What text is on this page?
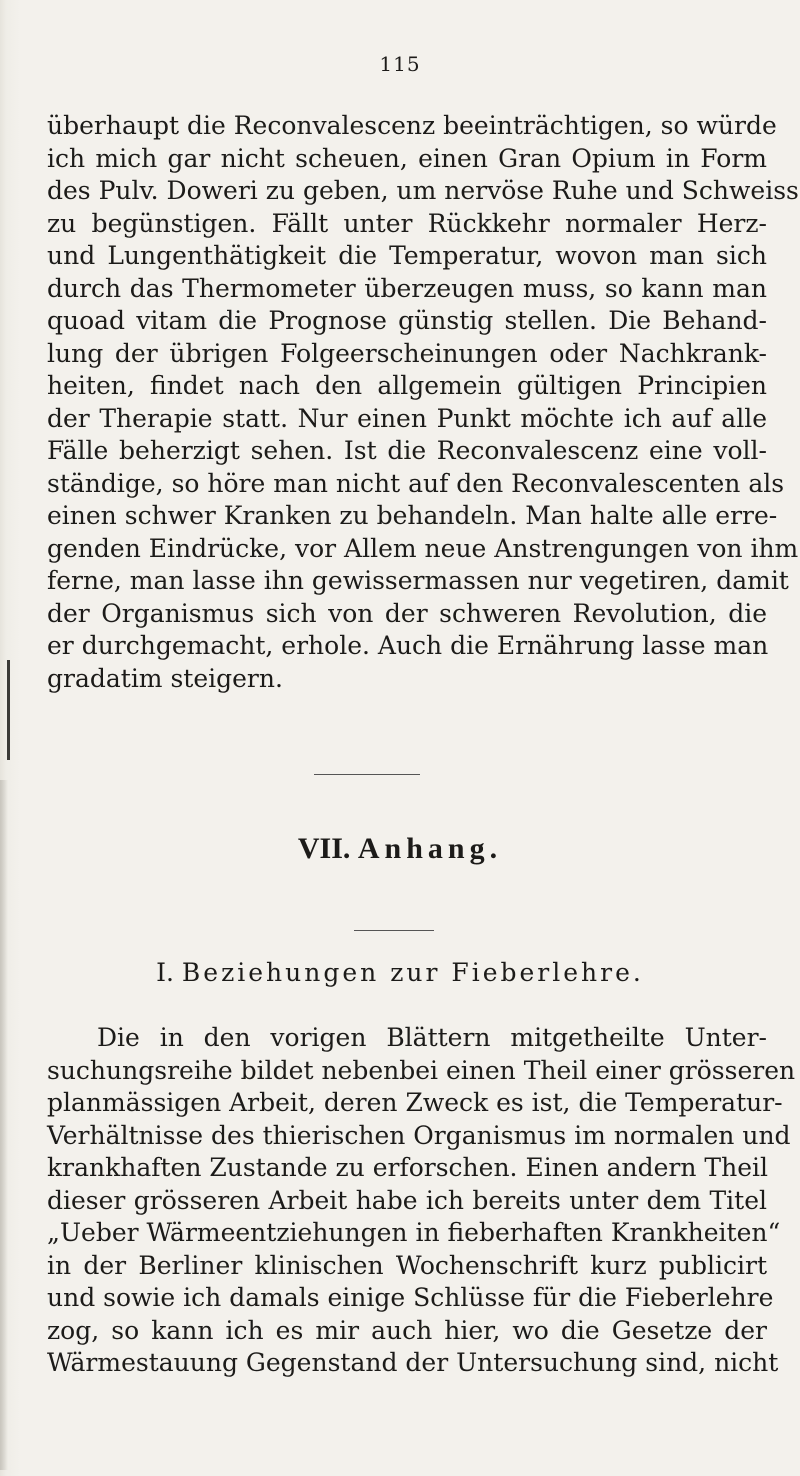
115
überhaupt die Reconvalescenz beeinträchtigen, so würde
ich mich gar nicht scheuen, einen Gran Opium in Form
des Pulv. Doweri zu geben, um nervöse Ruhe und Schweiss
zu begünstigen. Fällt unter Rückkehr normaler Herz-
und Lungenthätigkeit die Temperatur, wovon man sich
durch das Thermometer überzeugen muss, so kann man
quoad vitam die Prognose günstig stellen. Die Behand-
lung der übrigen Folgeerscheinungen oder Nachkrank-
heiten, findet nach den allgemein gültigen Principien
der Therapie statt. Nur einen Punkt möchte ich auf alle
Fälle beherzigt sehen. Ist die Reconvalescenz eine voll-
ständige, so höre man nicht auf den Reconvalescenten als
einen schwer Kranken zu behandeln. Man halte alle erre-
genden Eindrücke, vor Allem neue Anstrengungen von ihm
ferne, man lasse ihn gewissermassen nur vegetiren, damit
der Organismus sich von der schweren Revolution, die
er durchgemacht, erhole. Auch die Ernährung lasse man
gradatim steigern.
VII. Anhang.
I. Beziehungen zur Fieberlehre.
Die in den vorigen Blättern mitgetheilte Unter-
suchungsreihe bildet nebenbei einen Theil einer grösseren
planmässigen Arbeit, deren Zweck es ist, die Temperatur-
Verhältnisse des thierischen Organismus im normalen und
krankhaften Zustande zu erforschen. Einen andern Theil
dieser grösseren Arbeit habe ich bereits unter dem Titel
„Ueber Wärmeentziehungen in fieberhaften Krankheiten“
in der Berliner klinischen Wochenschrift kurz publicirt
und sowie ich damals einige Schlüsse für die Fieberlehre
zog, so kann ich es mir auch hier, wo die Gesetze der
Wärmestauung Gegenstand der Untersuchung sind, nicht
